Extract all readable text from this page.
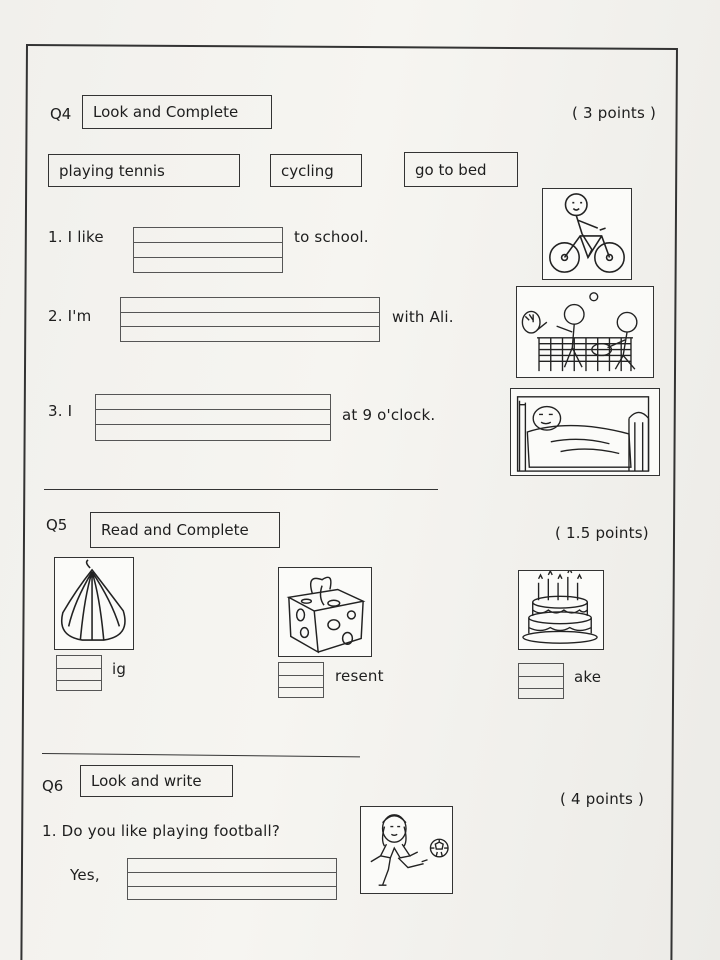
Q4	Look and Complete	( 3 points )
playing tennis	cycling	go to bed
1. I like	to school.
2. I'm	with Ali.
3. I	at 9 o'clock.
Q5	Read and Complete	( 1.5 points)
ig	resent	ake
Q6	Look and write
( 4 points )
1. Do you like playing football?
Yes,
